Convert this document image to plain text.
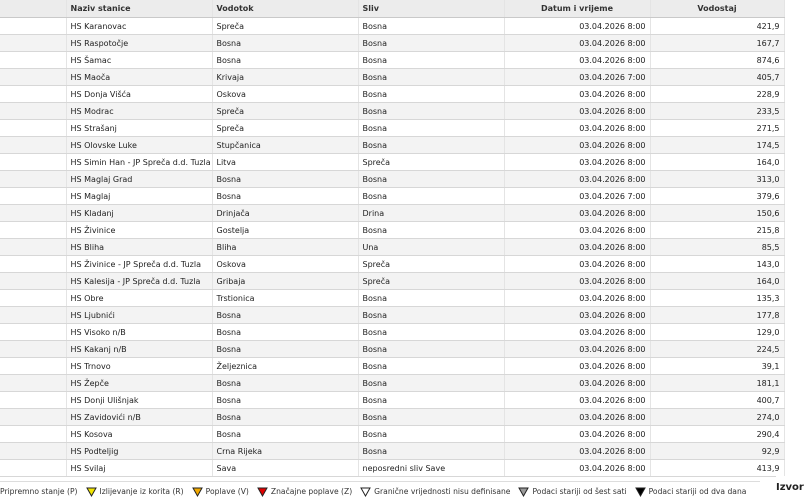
	Naziv stanice	Vodotok	Sliv	Datum i vrijeme	Vodostaj
	HS Karanovac	Spreča	Bosna	03.04.2026 8:00	421,9
	HS Raspotočje	Bosna	Bosna	03.04.2026 8:00	167,7
	HS Šamac	Bosna	Bosna	03.04.2026 8:00	874,6
	HS Maoča	Krivaja	Bosna	03.04.2026 7:00	405,7
	HS Donja Višća	Oskova	Bosna	03.04.2026 8:00	228,9
	HS Modrac	Spreča	Bosna	03.04.2026 8:00	233,5
	HS Strašanj	Spreča	Bosna	03.04.2026 8:00	271,5
	HS Olovske Luke	Stupčanica	Bosna	03.04.2026 8:00	174,5
	HS Simin Han - JP Spreča d.d. Tuzla	Litva	Spreča	03.04.2026 8:00	164,0
	HS Maglaj Grad	Bosna	Bosna	03.04.2026 8:00	313,0
	HS Maglaj	Bosna	Bosna	03.04.2026 7:00	379,6
	HS Kladanj	Drinjača	Drina	03.04.2026 8:00	150,6
	HS Živinice	Gostelja	Bosna	03.04.2026 8:00	215,8
	HS Bliha	Bliha	Una	03.04.2026 8:00	85,5
	HS Živinice - JP Spreča d.d. Tuzla	Oskova	Spreča	03.04.2026 8:00	143,0
	HS Kalesija - JP Spreča d.d. Tuzla	Gribaja	Spreča	03.04.2026 8:00	164,0
	HS Obre	Trstionica	Bosna	03.04.2026 8:00	135,3
	HS Ljubnići	Bosna	Bosna	03.04.2026 8:00	177,8
	HS Visoko n/B	Bosna	Bosna	03.04.2026 8:00	129,0
	HS Kakanj n/B	Bosna	Bosna	03.04.2026 8:00	224,5
	HS Trnovo	Željeznica	Bosna	03.04.2026 8:00	39,1
	HS Žepče	Bosna	Bosna	03.04.2026 8:00	181,1
	HS Donji Ulišnjak	Bosna	Bosna	03.04.2026 8:00	400,7
	HS Zavidovići n/B	Bosna	Bosna	03.04.2026 8:00	274,0
	HS Kosova	Bosna	Bosna	03.04.2026 8:00	290,4
	HS Podteljig	Crna Rijeka	Bosna	03.04.2026 8:00	92,9
	HS Svilaj	Sava	neposredni sliv Save	03.04.2026 8:00	413,9
Pripremno stanje (P)	Izlijevanje iz korita (R)	Poplave (V)	Značajne poplave (Z)	Granične vrijednosti nisu definisane	Podaci stariji od šest sati	Podaci stariji od dva dana	Izvor
